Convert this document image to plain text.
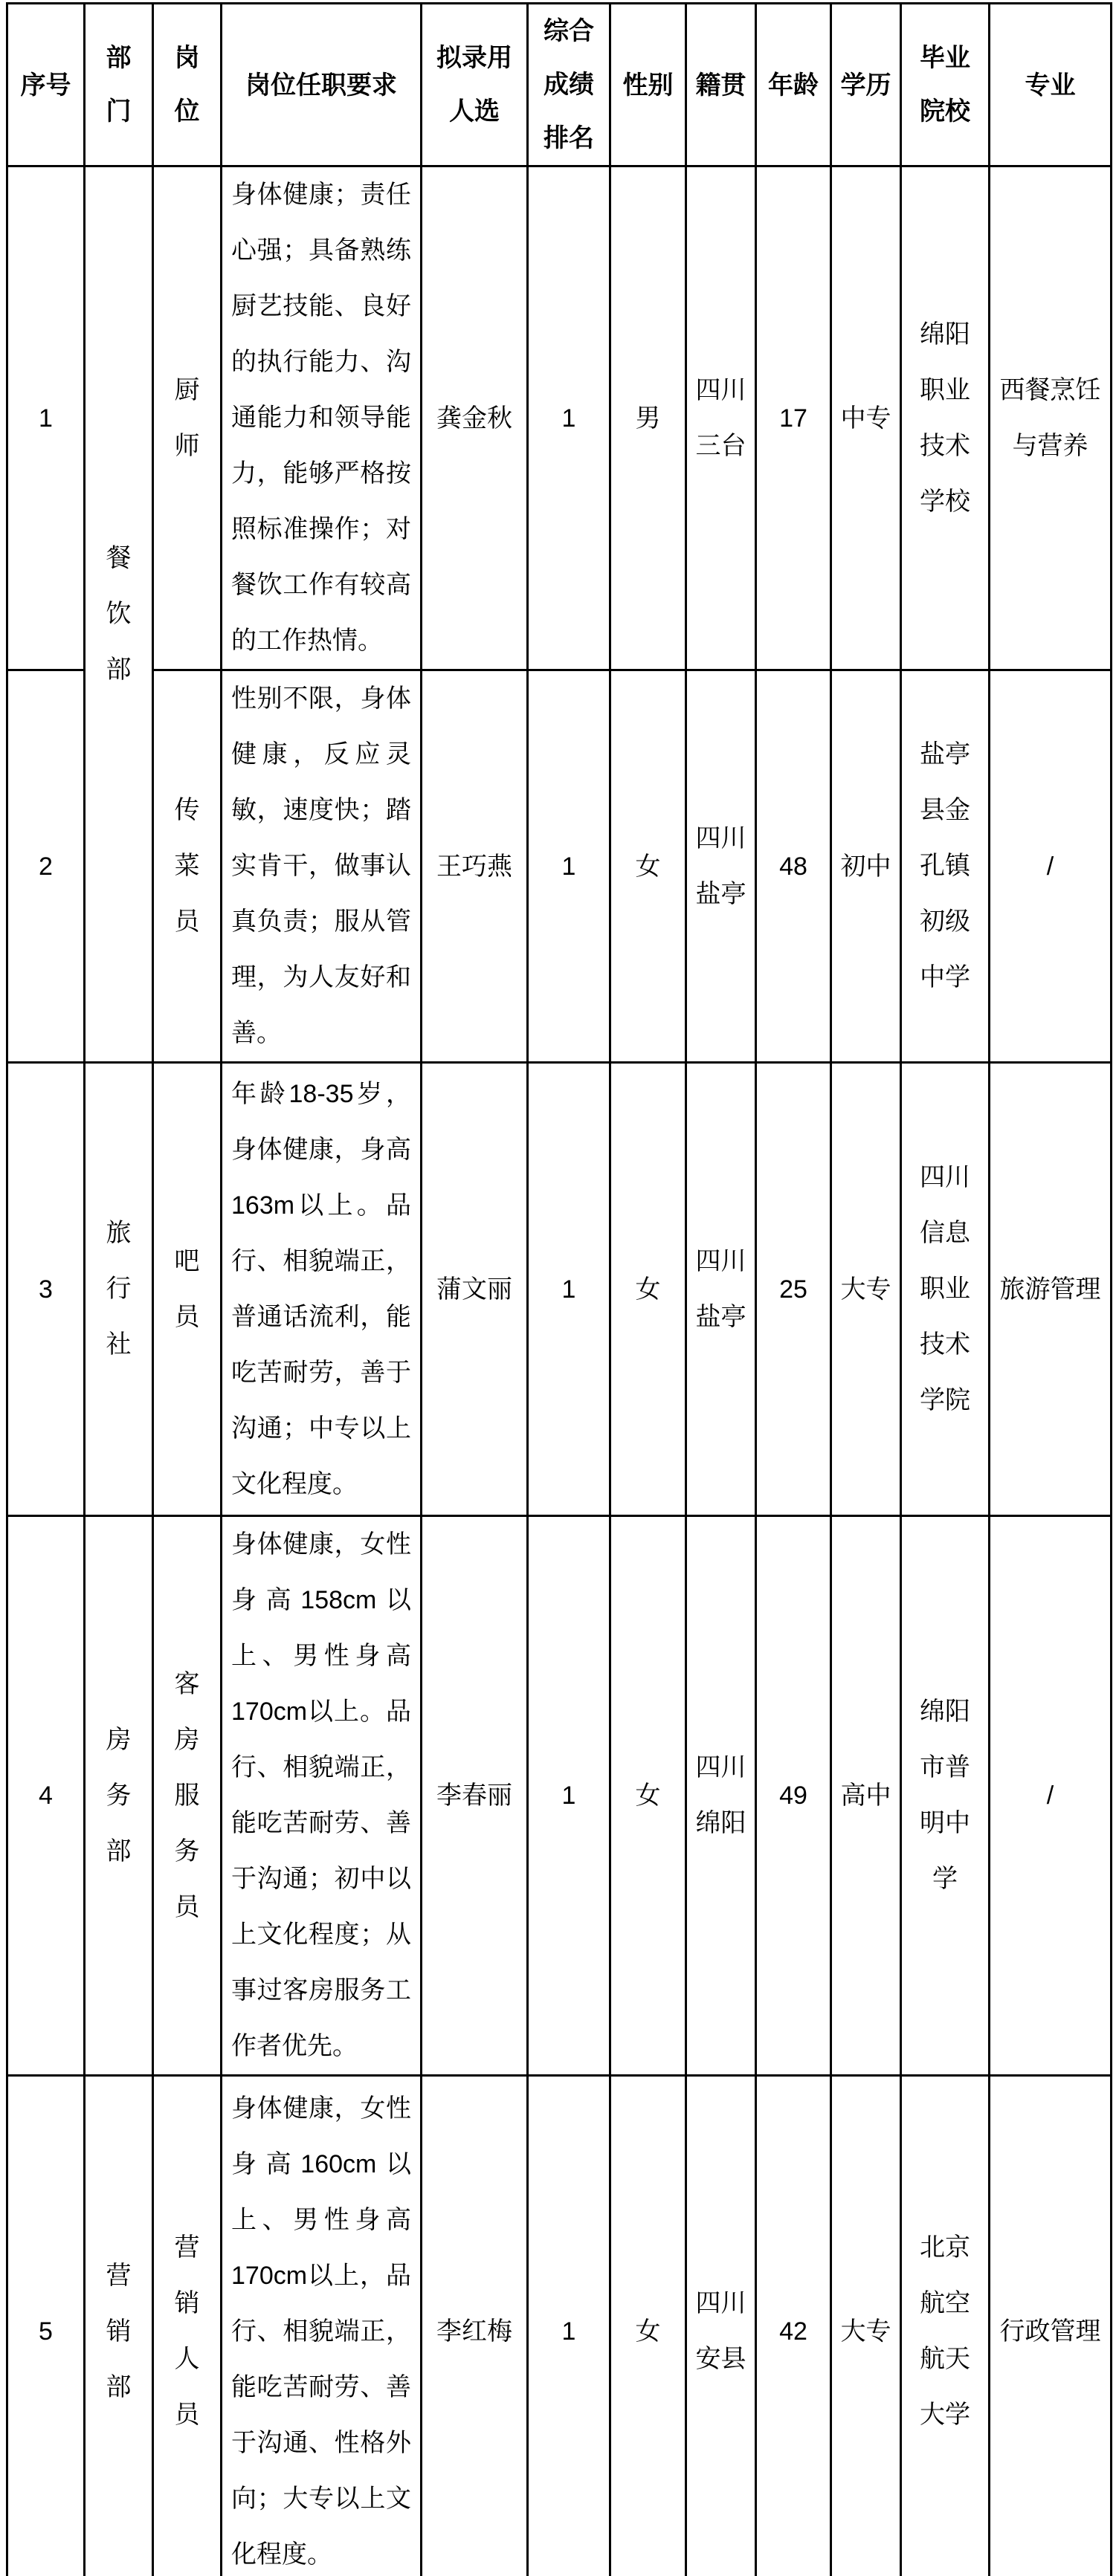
序号	部门	岗位	岗位任职要求	拟录用人选	综合成绩排名	性别	籍贯	年龄	学历	毕业院校	专业
1	餐饮部	厨师	身体健康；责任心强；具备熟练厨艺技能、良好的执行能力、沟通能力和领导能力，能够严格按照标准操作；对餐饮工作有较高的工作热情。	龚金秋	1	男	四川三台	17	中专	绵阳职业技术学校	西餐烹饪与营养
2		传菜员	性别不限，身体健康，反应灵敏，速度快；踏实肯干，做事认真负责；服从管理，为人友好和善。	王巧燕	1	女	四川盐亭	48	初中	盐亭县金孔镇初级中学	/
3	旅行社	吧员	年龄18-35岁，身体健康，身高163m以上。品行、相貌端正，普通话流利，能吃苦耐劳，善于沟通；中专以上文化程度。	蒲文丽	1	女	四川盐亭	25	大专	四川信息职业技术学院	旅游管理
4	房务部	客房服务员	身体健康，女性身高158cm以上、男性身高170cm以上。品行、相貌端正，能吃苦耐劳、善于沟通；初中以上文化程度；从事过客房服务工作者优先。	李春丽	1	女	四川绵阳	49	高中	绵阳市普明中学	/
5	营销部	营销人员	身体健康，女性身高160cm以上、男性身高170cm以上，品行、相貌端正，能吃苦耐劳、善于沟通、性格外向；大专以上文化程度。	李红梅	1	女	四川安县	42	大专	北京航空航天大学	行政管理
